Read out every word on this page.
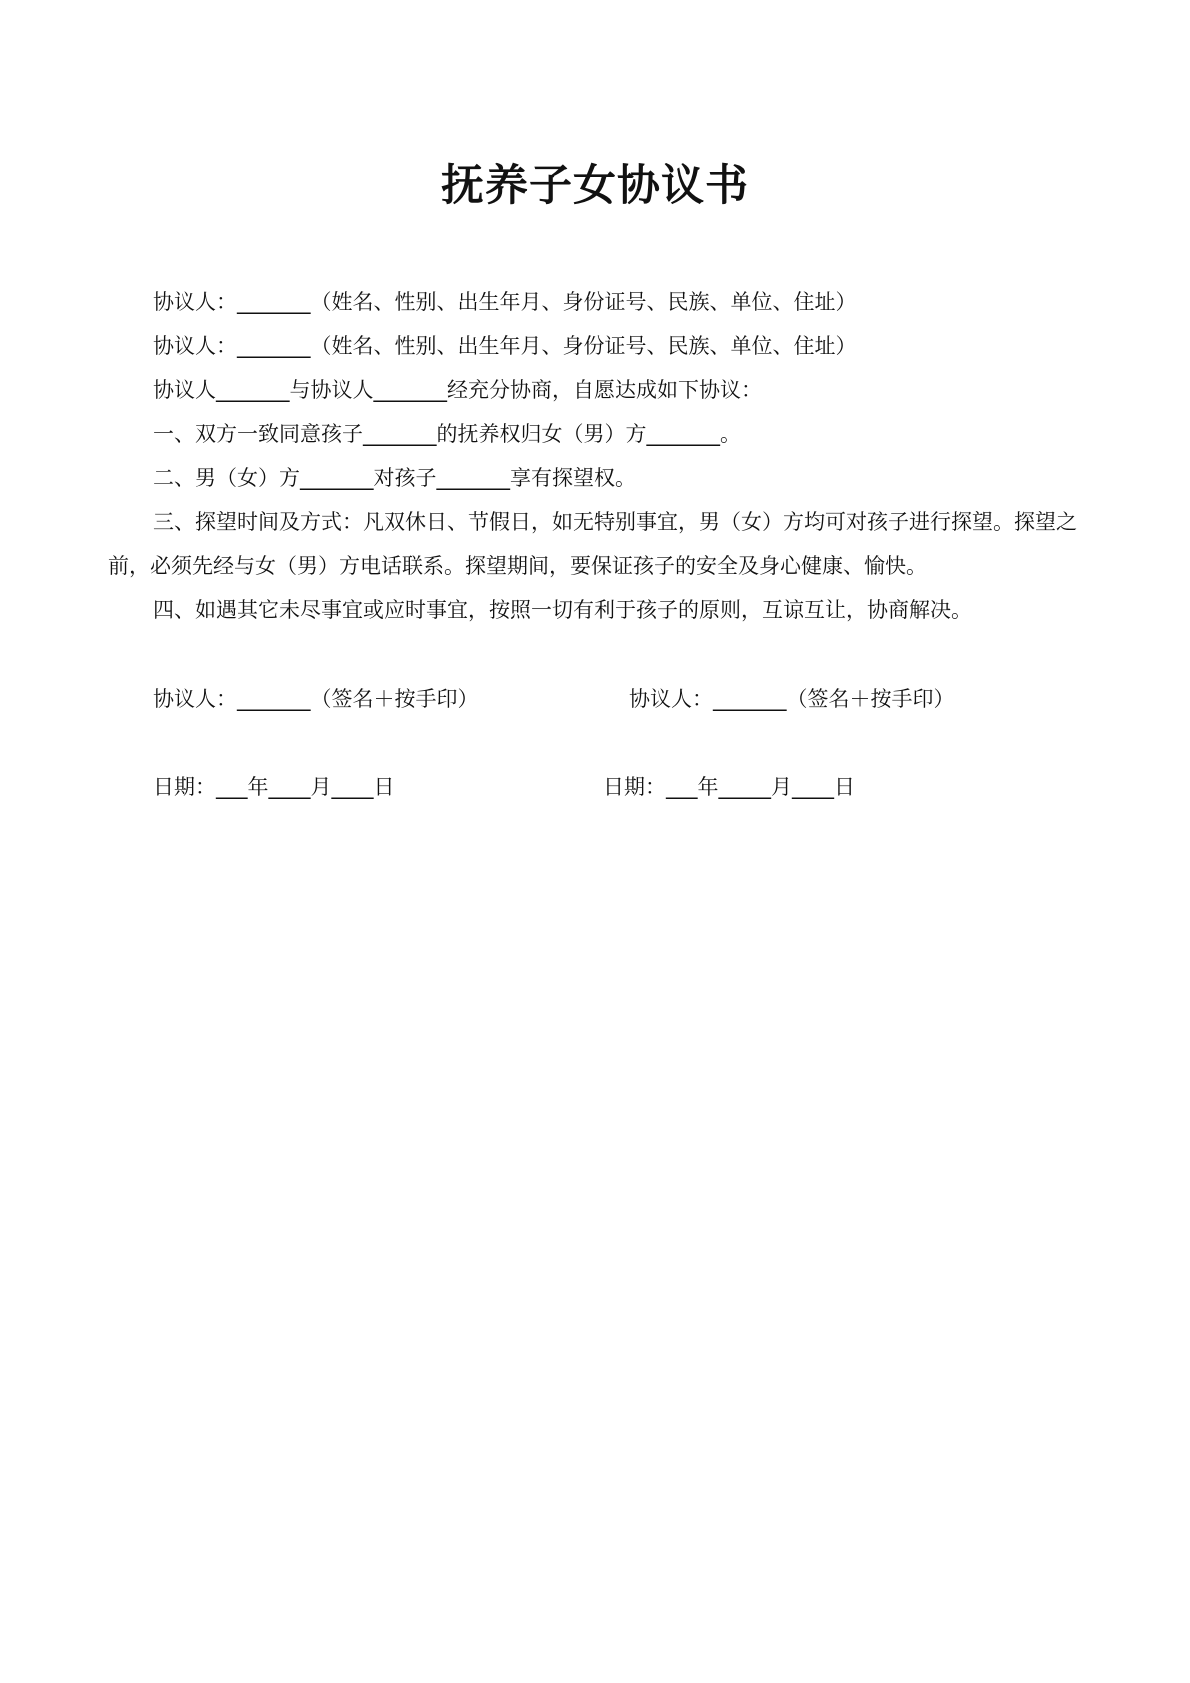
抚养子女协议书

协议人：_______（姓名、性别、出生年月、身份证号、民族、单位、住址）

协议人：_______（姓名、性别、出生年月、身份证号、民族、单位、住址）

协议人_______与协议人_______经充分协商，自愿达成如下协议：

一、双方一致同意孩子_______的抚养权归女（男）方_______。

二、男（女）方_______对孩子_______享有探望权。

三、探望时间及方式：凡双休日、节假日，如无特别事宜，男（女）方均可对孩子进行探望。探望之前，必须先经与女（男）方电话联系。探望期间，要保证孩子的安全及身心健康、愉快。

四、如遇其它未尽事宜或应时事宜，按照一切有利于孩子的原则，互谅互让，协商解决。

协议人：_______（签名＋按手印）	协议人：_______（签名＋按手印）
日期：___年____月____日	日期：___年_____月____日
